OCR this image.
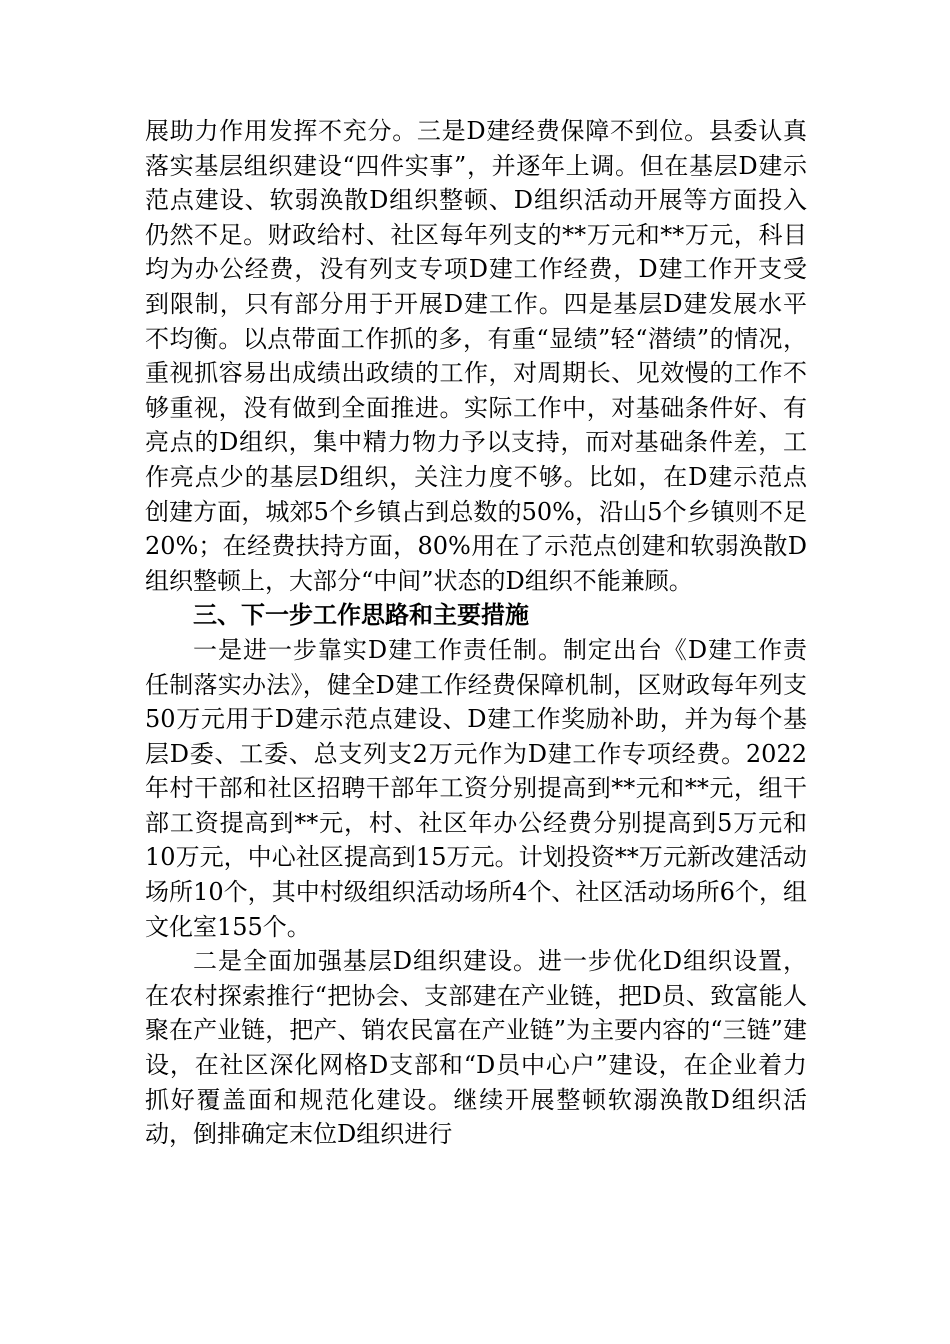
展助力作用发挥不充分。三是D建经费保障不到位。县委认真落实基层组织建设“四件实事”，并逐年上调。但在基层D建示范点建设、软弱涣散D组织整顿、D组织活动开展等方面投入仍然不足。财政给村、社区每年列支的**万元和**万元，科目均为办公经费，没有列支专项D建工作经费，D建工作开支受到限制，只有部分用于开展D建工作。四是基层D建发展水平不均衡。以点带面工作抓的多，有重“显绩”轻“潜绩”的情况，重视抓容易出成绩出政绩的工作，对周期长、见效慢的工作不够重视，没有做到全面推进。实际工作中，对基础条件好、有亮点的D组织，集中精力物力予以支持，而对基础条件差，工作亮点少的基层D组织，关注力度不够。比如，在D建示范点创建方面，城郊5个乡镇占到总数的50%，沿山5个乡镇则不足20%；在经费扶持方面，80%用在了示范点创建和软弱涣散D组织整顿上，大部分“中间”状态的D组织不能兼顾。

三、下一步工作思路和主要措施

一是进一步靠实D建工作责任制。制定出台《D建工作责任制落实办法》，健全D建工作经费保障机制，区财政每年列支50万元用于D建示范点建设、D建工作奖励补助，并为每个基层D委、工委、总支列支2万元作为D建工作专项经费。2022年村干部和社区招聘干部年工资分别提高到**元和**元，组干部工资提高到**元，村、社区年办公经费分别提高到5万元和10万元，中心社区提高到15万元。计划投资**万元新改建活动场所10个，其中村级组织活动场所4个、社区活动场所6个，组文化室155个。

二是全面加强基层D组织建设。进一步优化D组织设置，在农村探索推行“把协会、支部建在产业链，把D员、致富能人聚在产业链，把产、销农民富在产业链”为主要内容的“三链”建设，在社区深化网格D支部和“D员中心户”建设，在企业着力抓好覆盖面和规范化建设。继续开展整顿软溺涣散D组织活动，倒排确定末位D组织进行
